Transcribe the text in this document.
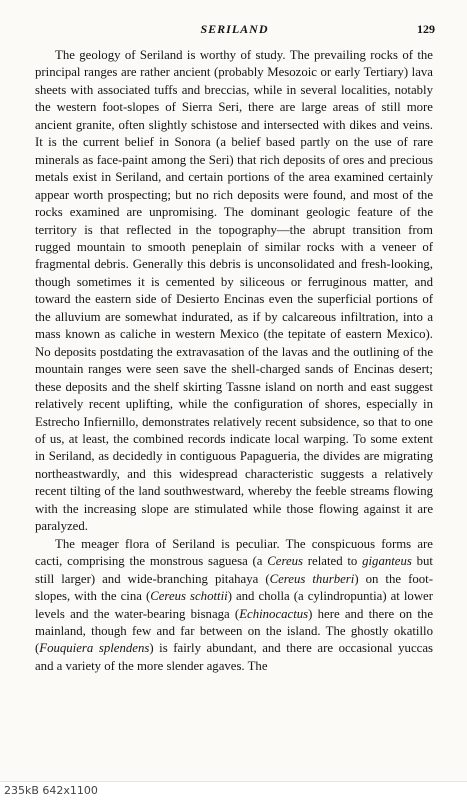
SERILAND	129

The geology of Seriland is worthy of study. The prevailing rocks of the principal ranges are rather ancient (probably Mesozoic or early Tertiary) lava sheets with associated tuffs and breccias, while in several localities, notably the western foot-slopes of Sierra Seri, there are large areas of still more ancient granite, often slightly schistose and intersected with dikes and veins. It is the current belief in Sonora (a belief based partly on the use of rare minerals as face-paint among the Seri) that rich deposits of ores and precious metals exist in Seriland, and certain portions of the area examined certainly appear worth prospecting; but no rich deposits were found, and most of the rocks examined are unpromising. The dominant geologic feature of the territory is that reflected in the topography—the abrupt transition from rugged mountain to smooth peneplain of similar rocks with a veneer of fragmental debris. Generally this debris is unconsolidated and fresh-looking, though sometimes it is cemented by siliceous or ferruginous matter, and toward the eastern side of Desierto Encinas even the superficial portions of the alluvium are somewhat indurated, as if by calcareous infiltration, into a mass known as caliche in western Mexico (the tepitate of eastern Mexico). No deposits postdating the extravasation of the lavas and the outlining of the mountain ranges were seen save the shell-charged sands of Encinas desert; these deposits and the shelf skirting Tassne island on north and east suggest relatively recent uplifting, while the configuration of shores, especially in Estrecho Infiernillo, demonstrates relatively recent subsidence, so that to one of us, at least, the combined records indicate local warping. To some extent in Seriland, as decidedly in contiguous Papagueria, the divides are migrating northeastwardly, and this widespread characteristic suggests a relatively recent tilting of the land southwestward, whereby the feeble streams flowing with the increasing slope are stimulated while those flowing against it are paralyzed.

The meager flora of Seriland is peculiar. The conspicuous forms are cacti, comprising the monstrous saguesa (a Cereus related to giganteus but still larger) and wide-branching pitahaya (Cereus thurberi) on the foot-slopes, with the cina (Cereus schottii) and cholla (a cylindropuntia) at lower levels and the water-bearing bisnaga (Echinocactus) here and there on the mainland, though few and far between on the island. The ghostly okatillo (Fouquiera splendens) is fairly abundant, and there are occasional yuccas and a variety of the more slender agaves. The

235kB 642x1100
